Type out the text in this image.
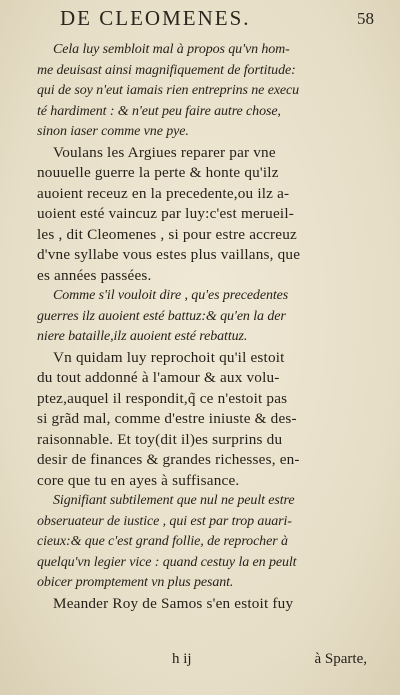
DE CLEOMENES.	58
Cela luy sembloit mal à propos qu'vn hom-
me deuisast ainsi magnifiquement de fortitude:
qui de soy n'eut iamais rien entreprins ne execu
té hardiment : & n'eut peu faire autre chose,
sinon iaser comme vne pye.
Voulans les Argiues reparer par vne
nouuelle guerre la perte & honte qu'ilz
auoient receuz en la precedente,ou ilz a-
uoient esté vaincuz par luy:c'est merueil-
les , dit Cleomenes , si pour estre accreuz
d'vne syllabe vous estes plus vaillans, que
es années passées.
Comme s'il vouloit dire , qu'es precedentes
guerres ilz auoient esté battuz:& qu'en la der
niere bataille,ilz auoient esté rebattuz.
Vn quidam luy reprochoit qu'il estoit
du tout addonné à l'amour & aux volu-
ptez,auquel il respondit,q̃ ce n'estoit pas
si grãd mal, comme d'estre iniuste & des-
raisonnable. Et toy(dit il)es surprins du
desir de finances & grandes richesses, en-
core que tu en ayes à suffisance.
Signifiant subtilement que nul ne peult estre
obseruateur de iustice , qui est par trop auari-
cieux:& que c'est grand follie, de reprocher à
quelqu'vn legier vice : quand cestuy la en peult
obicer promptement vn plus pesant.
Meander Roy de Samos s'en estoit fuy
h ij	à Sparte,
